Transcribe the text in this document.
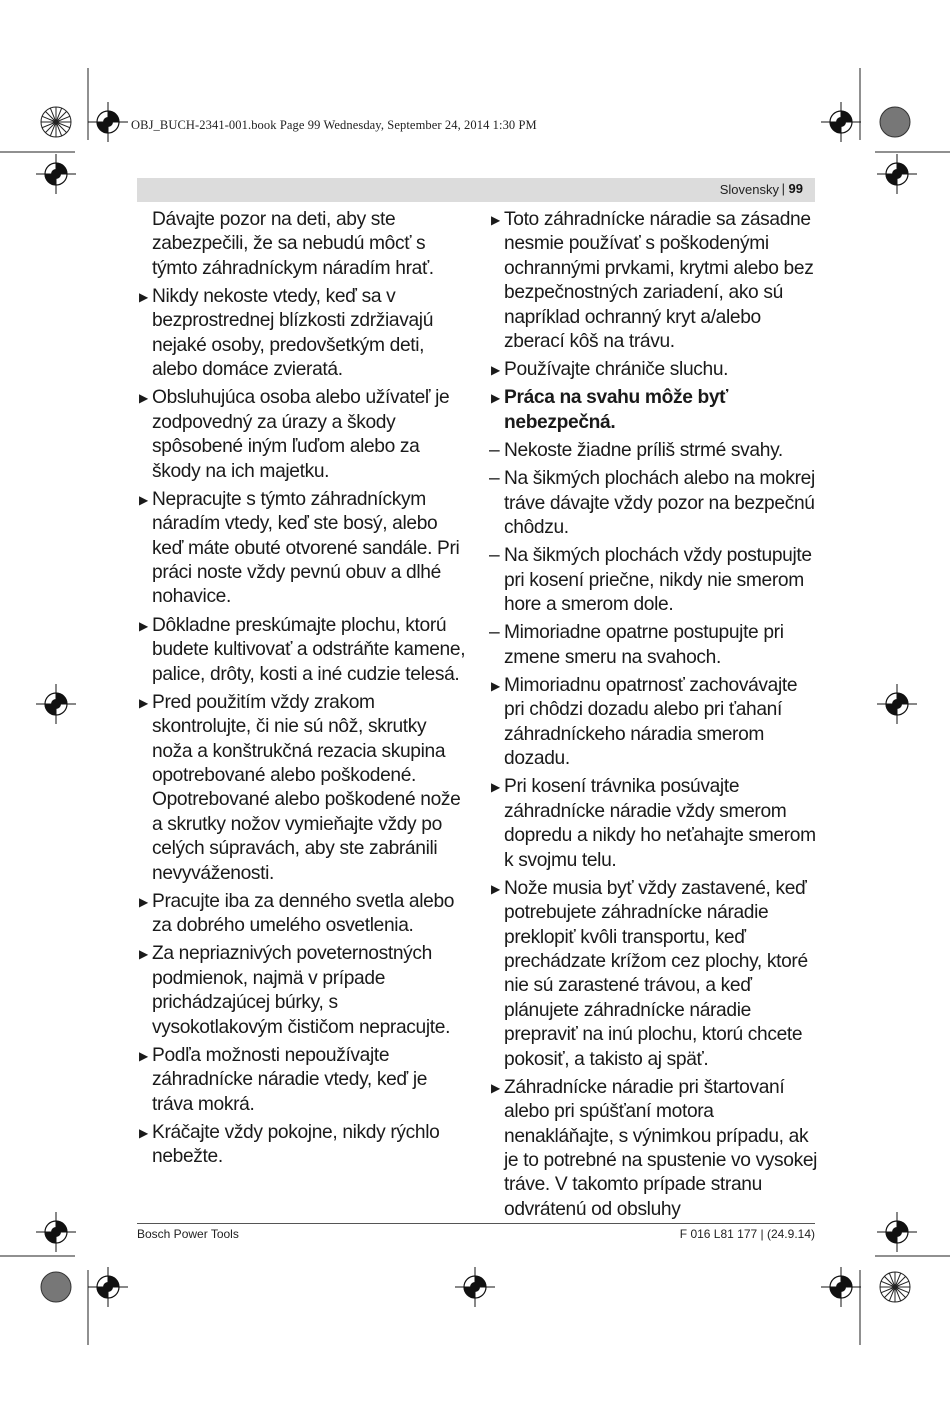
OBJ_BUCH-2341-001.book Page 99 Wednesday, September 24, 2014 1:30 PM
Slovensky | 99
Dávajte pozor na deti, aby ste zabezpečili, že sa nebudú môcť s týmto záhradníckym náradím hrať.
▶ Nikdy nekoste vtedy, keď sa v bezprostrednej blízkosti zdržiavajú nejaké osoby, predovšetkým deti, alebo domáce zvieratá.
▶ Obsluhujúca osoba alebo užívateľ je zodpovedný za úrazy a škody spôsobené iným ľuďom alebo za škody na ich majetku.
▶ Nepracujte s týmto záhradníckym náradím vtedy, keď ste bosý, alebo keď máte obuté otvorené sandále. Pri práci noste vždy pevnú obuv a dlhé nohavice.
▶ Dôkladne preskúmajte plochu, ktorú budete kultivovať a odstráňte kamene, palice, drôty, kosti a iné cudzie telesá.
▶ Pred použitím vždy zrakom skontrolujte, či nie sú nôž, skrutky noža a konštrukčná rezacia skupina opotrebované alebo poškodené. Opotrebované alebo poškodené nože a skrutky nožov vymieňajte vždy po celých súpravách, aby ste zabránili nevyváženosti.
▶ Pracujte iba za denného svetla alebo za dobrého umelého osvetlenia.
▶ Za nepriaznivých poveternostných podmienok, najmä v prípade prichádzajúcej búrky, s vysokotlakovým čističom nepracujte.
▶ Podľa možnosti nepoužívajte záhradnícke náradie vtedy, keď je tráva mokrá.
▶ Kráčajte vždy pokojne, nikdy rýchlo nebežte.
▶ Toto záhradnícke náradie sa zásadne nesmie používať s poškodenými ochrannými prvkami, krytmi alebo bez bezpečnostných zariadení, ako sú napríklad ochranný kryt a/alebo zberací kôš na trávu.
▶ Používajte chrániče sluchu.
▶ Práca na svahu môže byť nebezpečná.
– Nekoste žiadne príliš strmé svahy.
– Na šikmých plochách alebo na mokrej tráve dávajte vždy pozor na bezpečnú chôdzu.
– Na šikmých plochách vždy postupujte pri kosení priečne, nikdy nie smerom hore a smerom dole.
– Mimoriadne opatrne postupujte pri zmene smeru na svahoch.
▶ Mimoriadnu opatrnosť zachovávajte pri chôdzi dozadu alebo pri ťahaní záhradníckeho náradia smerom dozadu.
▶ Pri kosení trávnika posúvajte záhradnícke náradie vždy smerom dopredu a nikdy ho neťahajte smerom k svojmu telu.
▶ Nože musia byť vždy zastavené, keď potrebujete záhradnícke náradie preklopiť kvôli transportu, keď prechádzate krížom cez plochy, ktoré nie sú zarastené trávou, a keď plánujete záhradnícke náradie prepraviť na inú plochu, ktorú chcete pokosiť, a takisto aj späť.
▶ Záhradnícke náradie pri štartovaní alebo pri spúšťaní motora nenakláňajte, s výnimkou prípadu, ak je to potrebné na spustenie vo vysokej tráve. V takomto prípade stranu odvrátenú od obsluhy
Bosch Power Tools	F 016 L81 177 | (24.9.14)
